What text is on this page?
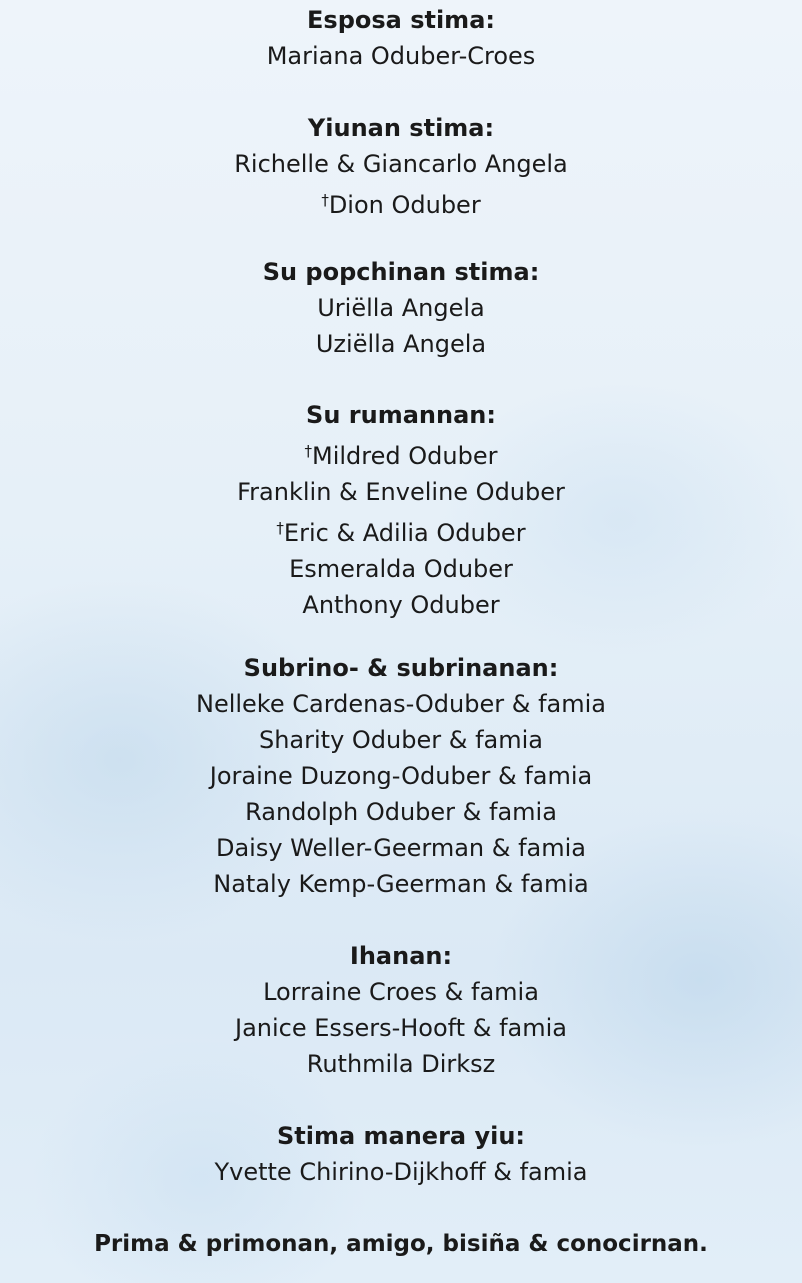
Esposa stima:

Mariana Oduber-Croes

Yiunan stima:

Richelle & Giancarlo Angela

†Dion Oduber

Su popchinan stima:

Uriëlla Angela

Uziëlla Angela

Su rumannan:

†Mildred Oduber

Franklin & Enveline Oduber

†Eric & Adilia Oduber

Esmeralda Oduber

Anthony Oduber

Subrino- & subrinanan:

Nelleke Cardenas-Oduber & famia

Sharity Oduber & famia

Joraine Duzong-Oduber & famia

Randolph Oduber & famia

Daisy Weller-Geerman & famia

Nataly Kemp-Geerman & famia

Ihanan:

Lorraine Croes & famia

Janice Essers-Hooft & famia

Ruthmila Dirksz

Stima manera yiu:

Yvette Chirino-Dijkhoff & famia

Prima & primonan, amigo, bisiña & conocirnan.
